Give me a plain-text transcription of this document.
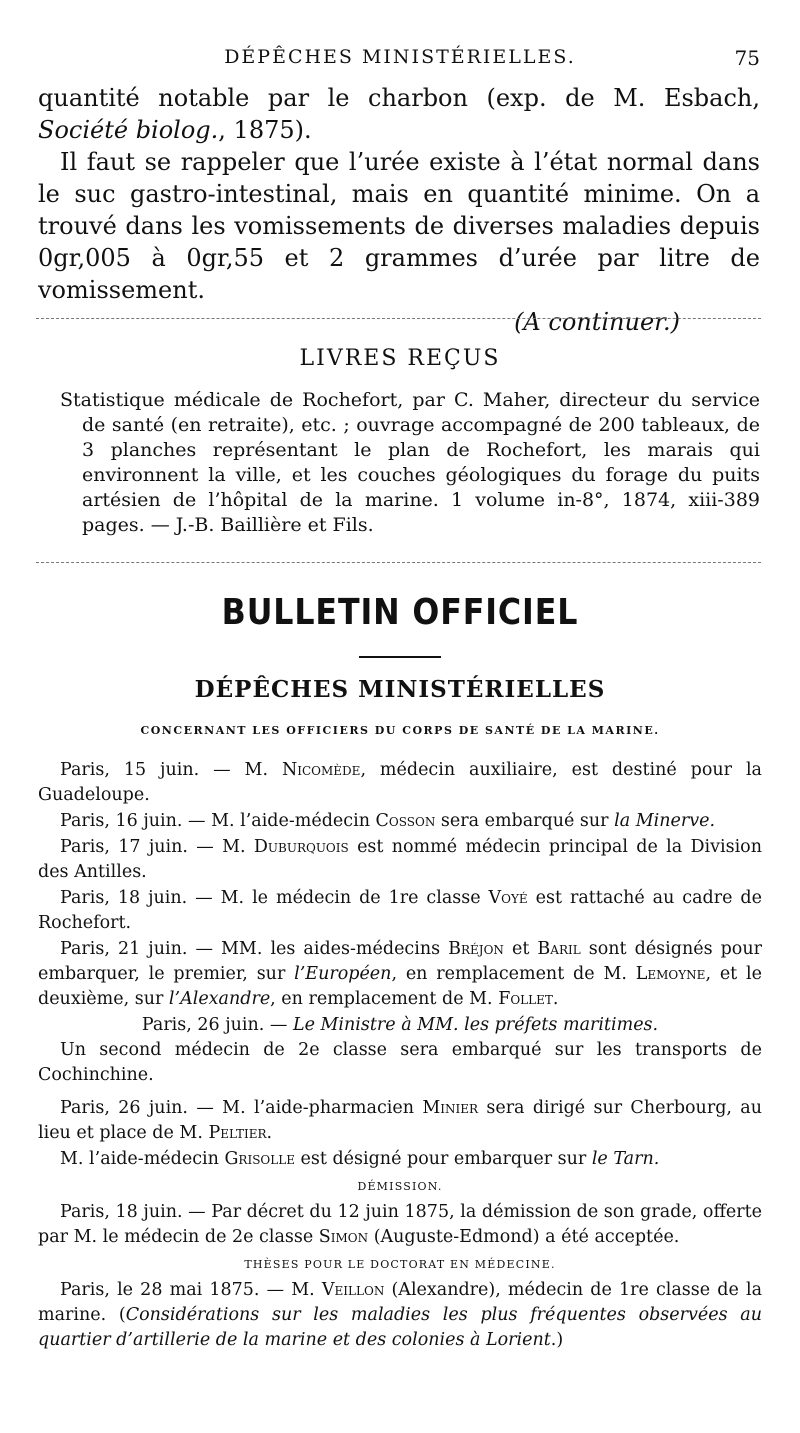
DÉPÊCHES MINISTÉRIELLES.	75

quantité notable par le charbon (exp. de M. Esbach, Société biolog., 1875).

Il faut se rappeler que l’urée existe à l’état normal dans le suc gastro-intestinal, mais en quantité minime. On a trouvé dans les vomissements de diverses maladies depuis 0gr,005 à 0gr,55 et 2 grammes d’urée par litre de vomissement.

(A continuer.)

LIVRES REÇUS

Statistique médicale de Rochefort, par C. Maher, directeur du service de santé (en retraite), etc. ; ouvrage accompagné de 200 tableaux, de 3 planches représentant le plan de Rochefort, les marais qui environnent la ville, et les couches géologiques du forage du puits artésien de l’hôpital de la marine. 1 volume in-8°, 1874, xiii-389 pages. — J.-B. Baillière et Fils.

BULLETIN OFFICIEL
DÉPÊCHES MINISTÉRIELLES
CONCERNANT LES OFFICIERS DU CORPS DE SANTÉ DE LA MARINE.

Paris, 15 juin. — M. Nicomède, médecin auxiliaire, est destiné pour la Guadeloupe.

Paris, 16 juin. — M. l’aide-médecin Cosson sera embarqué sur la Minerve.

Paris, 17 juin. — M. Duburquois est nommé médecin principal de la Division des Antilles.

Paris, 18 juin. — M. le médecin de 1re classe Voyé est rattaché au cadre de Rochefort.

Paris, 21 juin. — MM. les aides-médecins Bréjon et Baril sont désignés pour embarquer, le premier, sur l’Européen, en remplacement de M. Lemoyne, et le deuxième, sur l’Alexandre, en remplacement de M. Follet.

Paris, 26 juin. — Le Ministre à MM. les préfets maritimes.

Un second médecin de 2e classe sera embarqué sur les transports de Cochinchine.

Paris, 26 juin. — M. l’aide-pharmacien Minier sera dirigé sur Cherbourg, au lieu et place de M. Peltier.

M. l’aide-médecin Grisolle est désigné pour embarquer sur le Tarn.

DÉMISSION.

Paris, 18 juin. — Par décret du 12 juin 1875, la démission de son grade, offerte par M. le médecin de 2e classe Simon (Auguste-Edmond) a été acceptée.

THÈSES POUR LE DOCTORAT EN MÉDECINE.

Paris, le 28 mai 1875. — M. Veillon (Alexandre), médecin de 1re classe de la marine. (Considérations sur les maladies les plus fréquentes observées au quartier d’artillerie de la marine et des colonies à Lorient.)
